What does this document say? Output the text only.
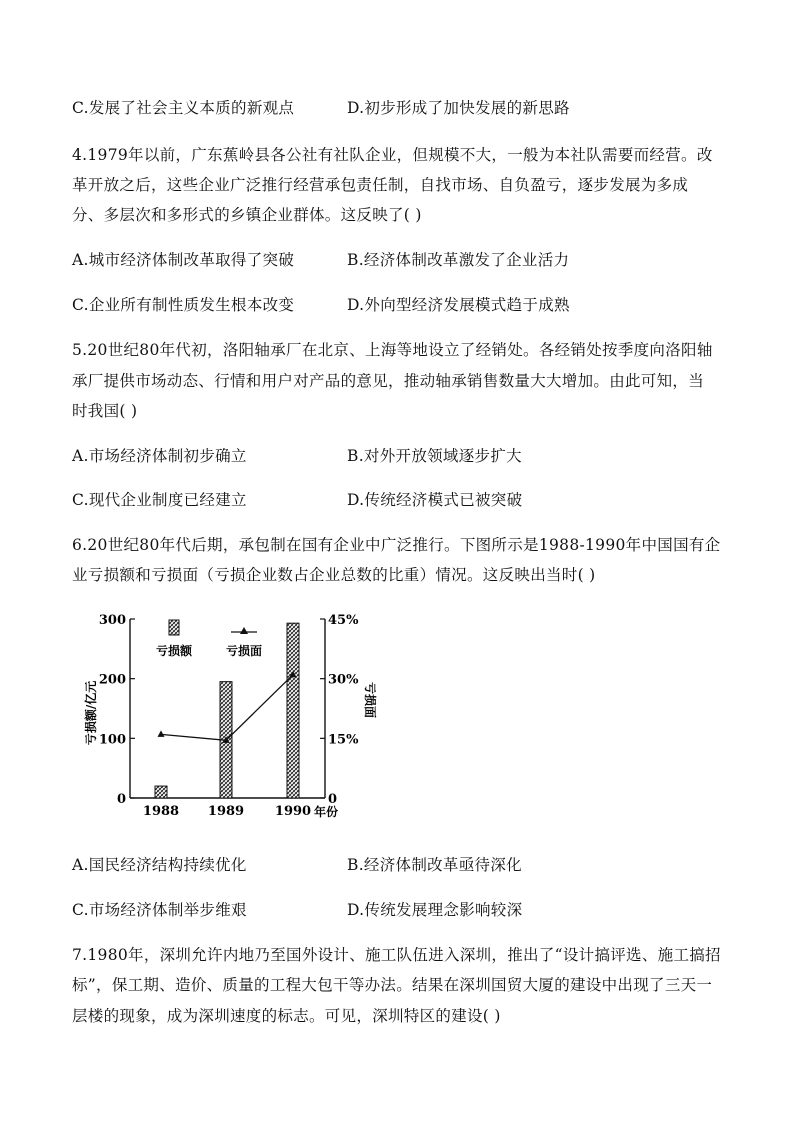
C.发展了社会主义本质的新观点	D.初步形成了加快发展的新思路
4.1979年以前，广东蕉岭县各公社有社队企业，但规模不大，一般为本社队需要而经营。改
革开放之后，这些企业广泛推行经营承包责任制，自找市场、自负盈亏，逐步发展为多成
分、多层次和多形式的乡镇企业群体。这反映了( )
A.城市经济体制改革取得了突破	B.经济体制改革激发了企业活力
C.企业所有制性质发生根本改变	D.外向型经济发展模式趋于成熟
5.20世纪80年代初，洛阳轴承厂在北京、上海等地设立了经销处。各经销处按季度向洛阳轴
承厂提供市场动态、行情和用户对产品的意见，推动轴承销售数量大大增加。由此可知，当
时我国( )
A.市场经济体制初步确立	B.对外开放领域逐步扩大
C.现代企业制度已经建立	D.传统经济模式已被突破
6.20世纪80年代后期，承包制在国有企业中广泛推行。下图所示是1988-1990年中国国有企
业亏损额和亏损面（亏损企业数占企业总数的比重）情况。这反映出当时( )
0
100
200
300
0
15%
30%
45%
1988 1989 1990
亏损额	亏损面
亏损额/亿元	亏损面
年份
A.国民经济结构持续优化	B.经济体制改革亟待深化
C.市场经济体制举步维艰	D.传统发展理念影响较深
7.1980年，深圳允许内地乃至国外设计、施工队伍进入深圳，推出了“设计搞评选、施工搞招
标”，保工期、造价、质量的工程大包干等办法。结果在深圳国贸大厦的建设中出现了三天一
层楼的现象，成为深圳速度的标志。可见，深圳特区的建设( )
